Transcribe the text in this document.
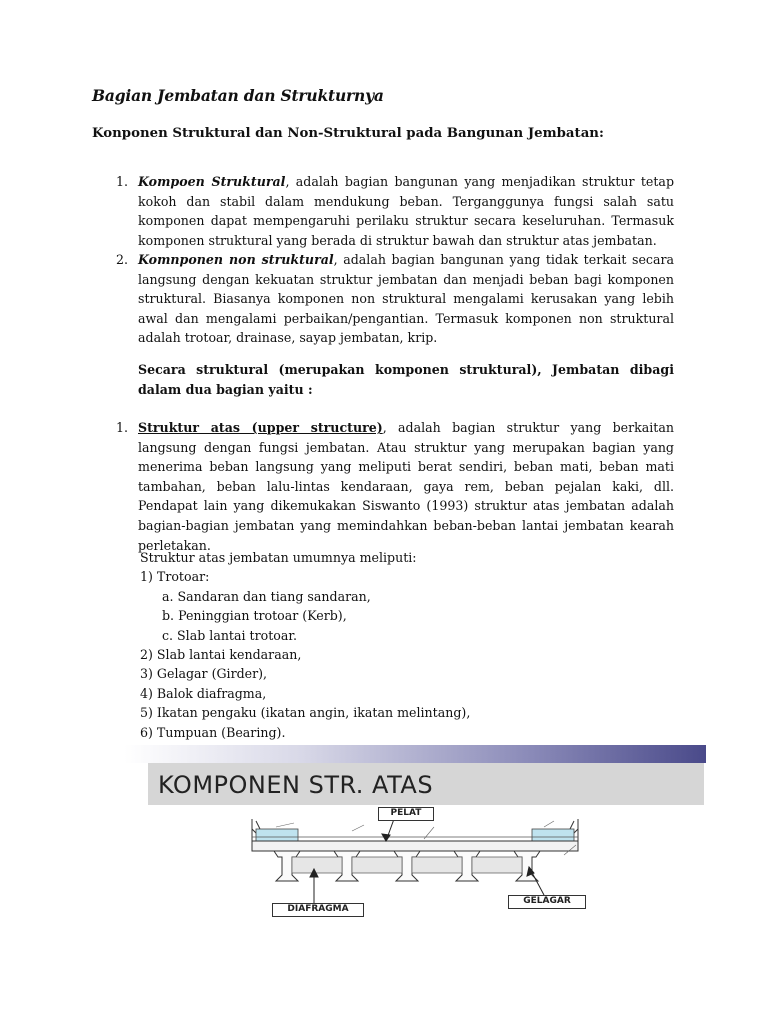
Bagian Jembatan dan Strukturnya
Konponen Struktural dan Non-Struktural pada Bangunan Jembatan:
1. Kompoen Struktural, adalah bagian bangunan yang menjadikan struktur tetap kokoh dan stabil dalam mendukung beban. Terganggunya fungsi salah satu komponen dapat mempengaruhi perilaku struktur secara keseluruhan. Termasuk komponen struktural yang berada di struktur bawah dan struktur atas jembatan.
2. Komnponen non struktural, adalah bagian bangunan yang tidak terkait secara langsung dengan kekuatan struktur jembatan dan menjadi beban bagi komponen struktural. Biasanya komponen non struktural mengalami kerusakan yang lebih awal dan mengalami perbaikan/pengantian. Termasuk komponen non struktural adalah trotoar, drainase, sayap jembatan, krip.
Secara struktural (merupakan komponen struktural), Jembatan dibagi dalam dua bagian yaitu :
1. Struktur atas (upper structure), adalah bagian struktur yang berkaitan langsung dengan fungsi jembatan. Atau struktur yang merupakan bagian yang menerima beban langsung yang meliputi berat sendiri, beban mati, beban mati tambahan, beban lalu-lintas kendaraan, gaya rem, beban pejalan kaki, dll. Pendapat lain yang dikemukakan Siswanto (1993) struktur atas jembatan adalah bagian-bagian jembatan yang memindahkan beban-beban lantai jembatan kearah perletakan.
Struktur atas jembatan umumnya meliputi:
1) Trotoar:
a. Sandaran dan tiang sandaran,
b. Peninggian trotoar (Kerb),
c. Slab lantai trotoar.
2) Slab lantai kendaraan,
3) Gelagar (Girder),
4) Balok diafragma,
5) Ikatan pengaku (ikatan angin, ikatan melintang),
6) Tumpuan (Bearing).
KOMPONEN STR. ATAS
PELAT
DIAFRAGMA
GELAGAR
